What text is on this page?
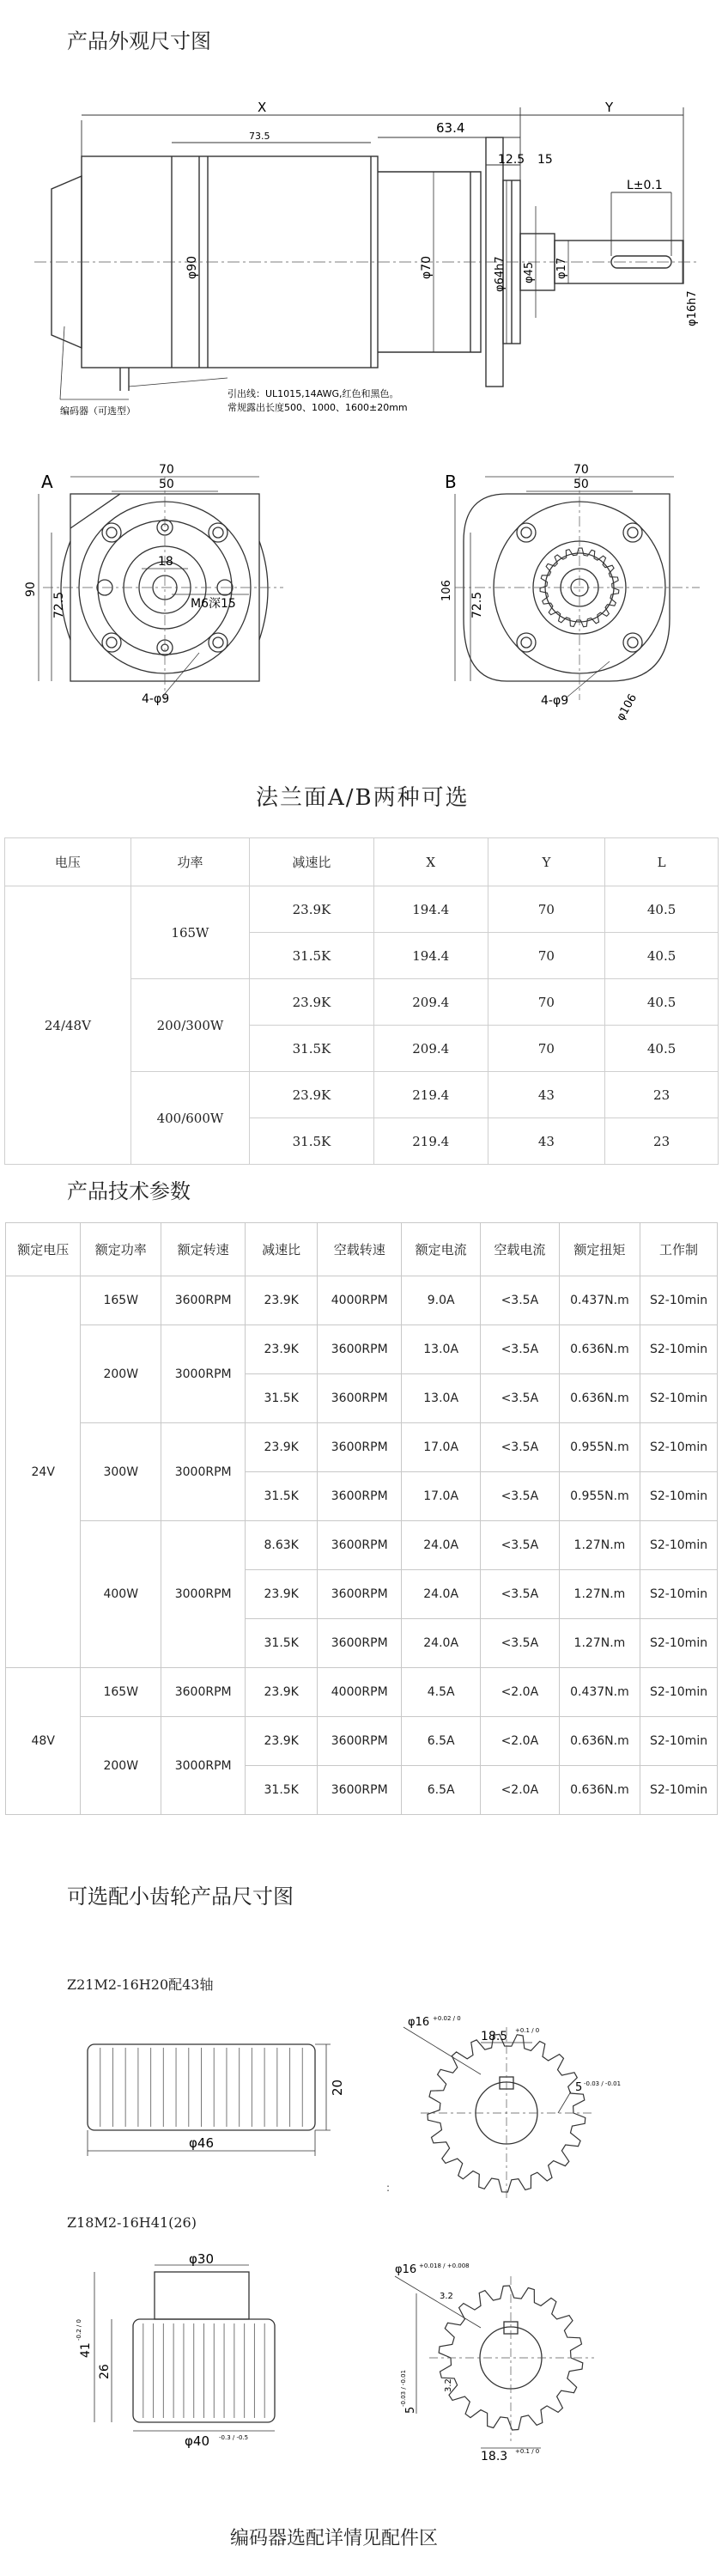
产品外观尺寸图
X	Y
73.5
63.4
12.5 15
L±0.1
φ90	φ70	φ64h7 φ45 φ17
φ16h7
编码器（可选型）
引出线：UL1015,14AWG,红色和黑色。
常规露出长度500、1000、1600±20mm
A
70
50
90
72.5
18
M6深15
4-φ9
B
70
50
106
72.5
φ106
4-φ9
法兰面A/B两种可选
电压	功率	减速比	X	Y	L
24/48V	165W	23.9K	194.4	70	40.5
		31.5K	194.4	70	40.5
	200/300W	23.9K	209.4	70	40.5
		31.5K	209.4	70	40.5
	400/600W	23.9K	219.4	43	23
		31.5K	219.4	43	23
产品技术参数
额定电压	额定功率	额定转速	减速比	空载转速	额定电流	空载电流	额定扭矩	工作制
24V	165W	3600RPM	23.9K	4000RPM	9.0A	<3.5A	0.437N.m	S2-10min
	200W	3000RPM	23.9K	3600RPM	13.0A	<3.5A	0.636N.m	S2-10min
			31.5K	3600RPM	13.0A	<3.5A	0.636N.m	S2-10min
	300W	3000RPM	23.9K	3600RPM	17.0A	<3.5A	0.955N.m	S2-10min
			31.5K	3600RPM	17.0A	<3.5A	0.955N.m	S2-10min
	400W	3000RPM	8.63K	3600RPM	24.0A	<3.5A	1.27N.m	S2-10min
			23.9K	3600RPM	24.0A	<3.5A	1.27N.m	S2-10min
			31.5K	3600RPM	24.0A	<3.5A	1.27N.m	S2-10min
48V	165W	3600RPM	23.9K	4000RPM	4.5A	<2.0A	0.437N.m	S2-10min
	200W	3000RPM	23.9K	3600RPM	6.5A	<2.0A	0.636N.m	S2-10min
			31.5K	3600RPM	6.5A	<2.0A	0.636N.m	S2-10min
可选配小齿轮产品尺寸图
Z21M2-16H20配43轴
φ46
20
18.5 +0.1 / 0
φ16 +0.02 / 0
5 -0.03 / -0.01
:
Z18M2-16H41(26)
φ30
41
-0.2 / 0
26
φ40 -0.3 / -0.5
φ16 +0.018 / +0.008
3.2
3.2
5
-0.03 / -0.01
18.3 +0.1 / 0
编码器选配详情见配件区
